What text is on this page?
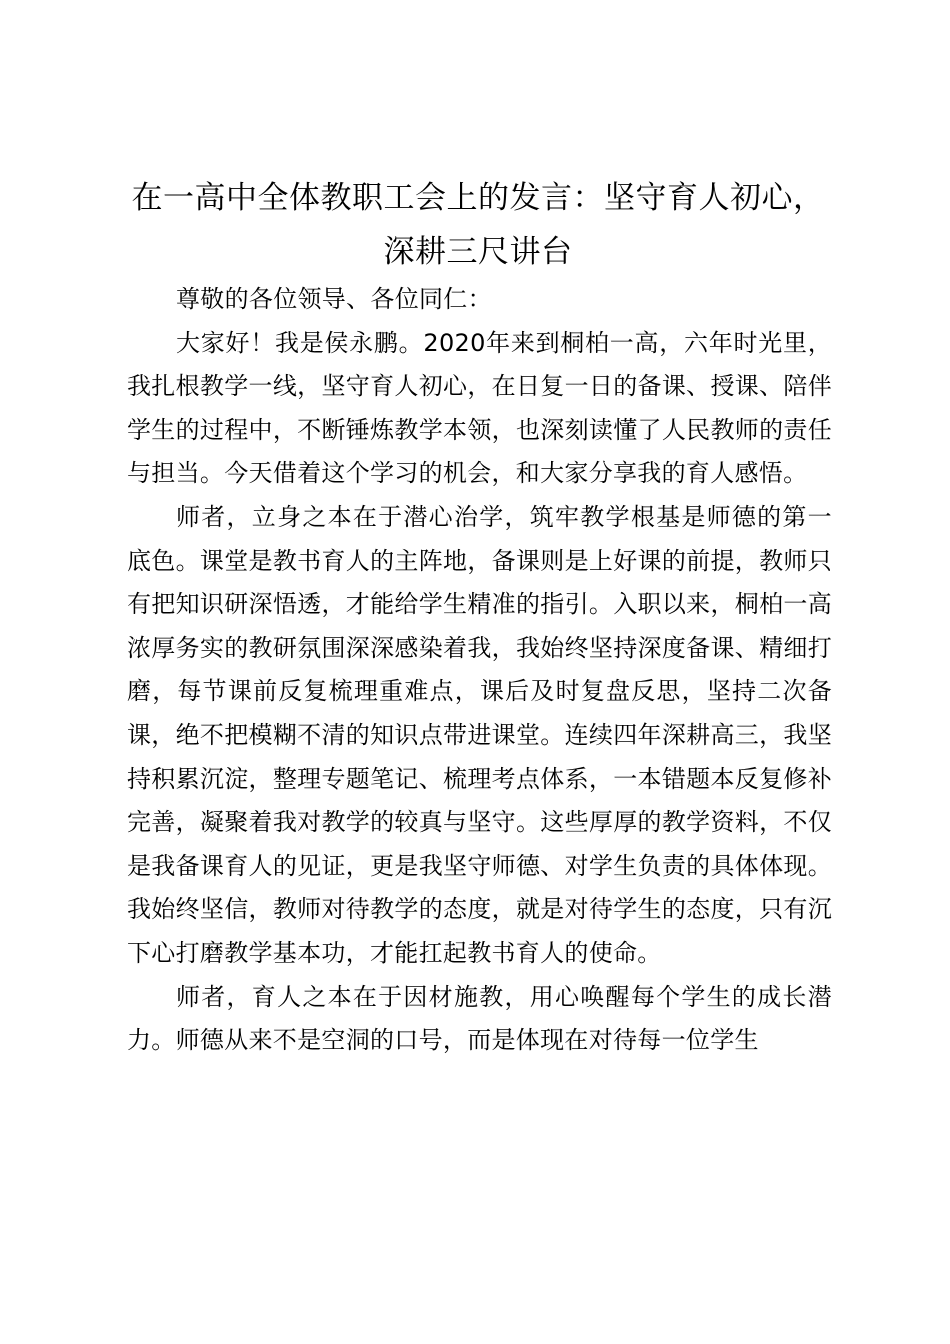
在一高中全体教职工会上的发言：坚守育人初心，深耕三尺讲台

尊敬的各位领导、各位同仁：

大家好！我是侯永鹏。2020年来到桐柏一高，六年时光里，我扎根教学一线，坚守育人初心，在日复一日的备课、授课、陪伴学生的过程中，不断锤炼教学本领，也深刻读懂了人民教师的责任与担当。今天借着这个学习的机会，和大家分享我的育人感悟。

师者，立身之本在于潜心治学，筑牢教学根基是师德的第一底色。课堂是教书育人的主阵地，备课则是上好课的前提，教师只有把知识研深悟透，才能给学生精准的指引。入职以来，桐柏一高浓厚务实的教研氛围深深感染着我，我始终坚持深度备课、精细打磨，每节课前反复梳理重难点，课后及时复盘反思，坚持二次备课，绝不把模糊不清的知识点带进课堂。连续四年深耕高三，我坚持积累沉淀，整理专题笔记、梳理考点体系，一本错题本反复修补完善，凝聚着我对教学的较真与坚守。这些厚厚的教学资料，不仅是我备课育人的见证，更是我坚守师德、对学生负责的具体体现。我始终坚信，教师对待教学的态度，就是对待学生的态度，只有沉下心打磨教学基本功，才能扛起教书育人的使命。

师者，育人之本在于因材施教，用心唤醒每个学生的成长潜力。师德从来不是空洞的口号，而是体现在对待每一位学生
